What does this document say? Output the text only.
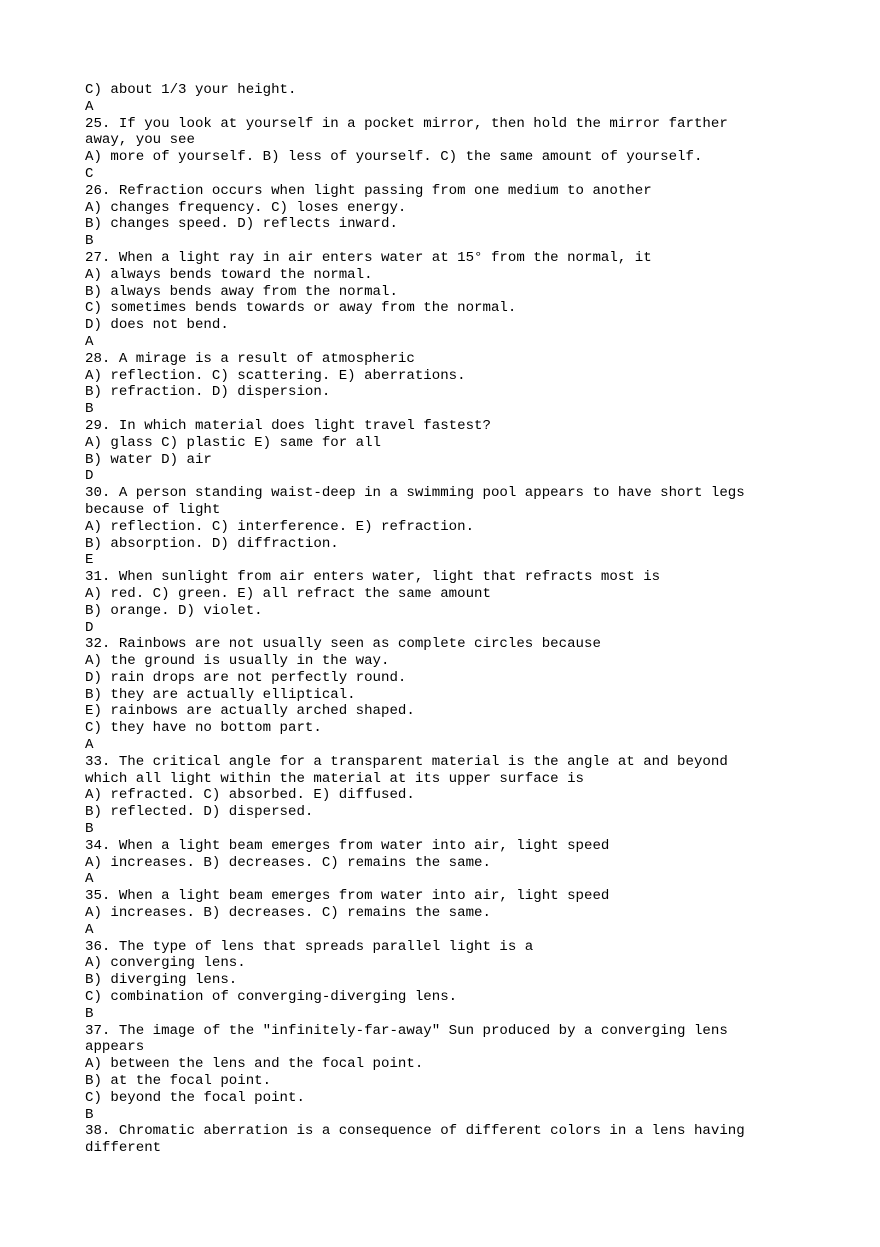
C) about 1/3 your height.
A
25. If you look at yourself in a pocket mirror, then hold the mirror farther
away, you see
A) more of yourself. B) less of yourself. C) the same amount of yourself.
C
26. Refraction occurs when light passing from one medium to another
A) changes frequency. C) loses energy.
B) changes speed. D) reflects inward.
B
27. When a light ray in air enters water at 15° from the normal, it
A) always bends toward the normal.
B) always bends away from the normal.
C) sometimes bends towards or away from the normal.
D) does not bend.
A
28. A mirage is a result of atmospheric
A) reflection. C) scattering. E) aberrations.
B) refraction. D) dispersion.
B
29. In which material does light travel fastest?
A) glass C) plastic E) same for all
B) water D) air
D
30. A person standing waist-deep in a swimming pool appears to have short legs
because of light
A) reflection. C) interference. E) refraction.
B) absorption. D) diffraction.
E
31. When sunlight from air enters water, light that refracts most is
A) red. C) green. E) all refract the same amount
B) orange. D) violet.
D
32. Rainbows are not usually seen as complete circles because
A) the ground is usually in the way.
D) rain drops are not perfectly round.
B) they are actually elliptical.
E) rainbows are actually arched shaped.
C) they have no bottom part.
A
33. The critical angle for a transparent material is the angle at and beyond
which all light within the material at its upper surface is
A) refracted. C) absorbed. E) diffused.
B) reflected. D) dispersed.
B
34. When a light beam emerges from water into air, light speed
A) increases. B) decreases. C) remains the same.
A
35. When a light beam emerges from water into air, light speed
A) increases. B) decreases. C) remains the same.
A
36. The type of lens that spreads parallel light is a
A) converging lens.
B) diverging lens.
C) combination of converging-diverging lens.
B
37. The image of the "infinitely-far-away" Sun produced by a converging lens
appears
A) between the lens and the focal point.
B) at the focal point.
C) beyond the focal point.
B
38. Chromatic aberration is a consequence of different colors in a lens having
different
